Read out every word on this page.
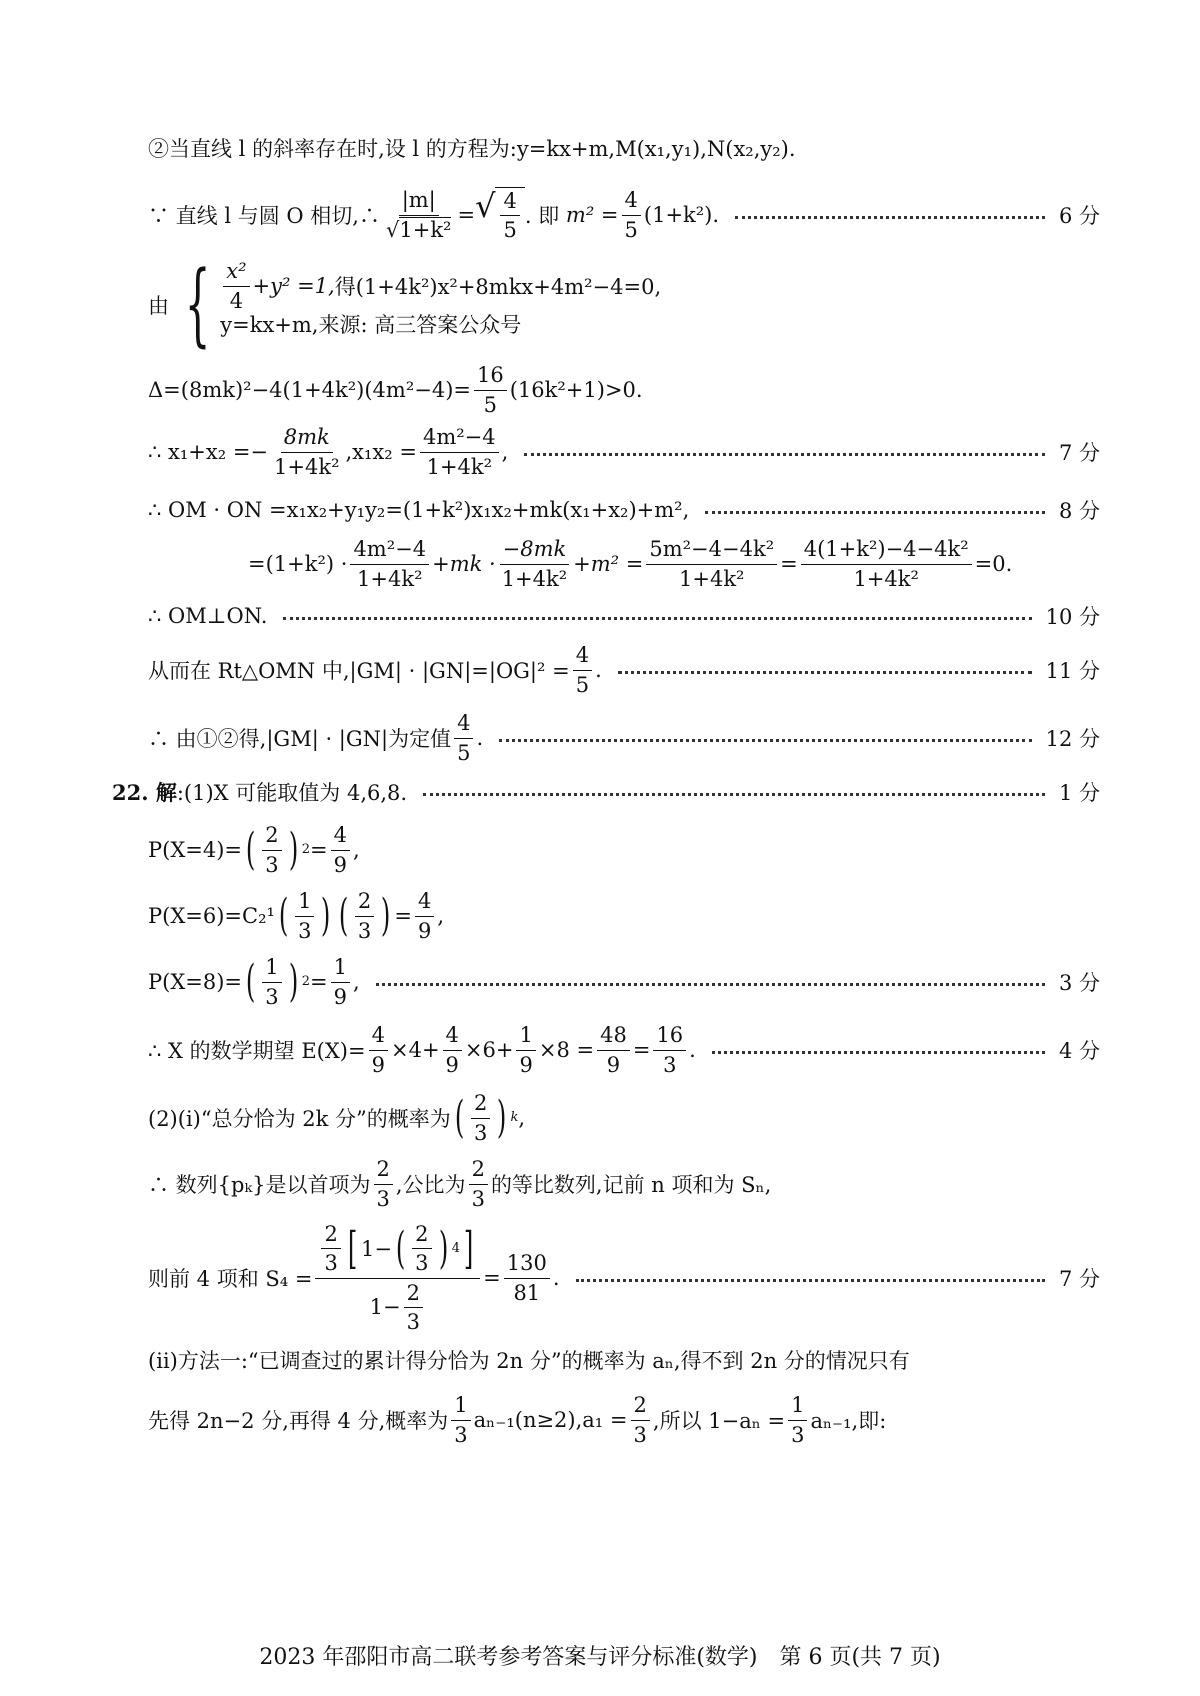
②当直线 l 的斜率存在时,设 l 的方程为:y=kx+m,M(x₁,y₁),N(x₂,y₂).
∵ 直线 l 与圆 O 相切,∴ $\frac{|m|}{\text{√1+k²}}$ = √ $\frac{4}{5}$ . 即
$m^2 = \frac{4}{5} (1+k^2)$.	6 分
由 { $\frac{\text{x²}}{4} +y^2 =1$, 得(1+4k²)x²+8mkx+4m²−4=0,
y=kx+m,来源: 高三答案公众号
$\Delta=(8mk)^2-4(1+4k^2)(4m^2-4)= \frac{16}{5} (16k^2+1)>0$.
∴ $x_1+x_2 =- \frac{8mk}{\text{1+4k²}} ,x_1x_2 = \frac{\text{4m²−4}}{\text{1+4k²}}$ ,	7 分
∴ OM · ON =x₁x₂+y₁y₂=(1+k²)x₁x₂+mk(x₁+x₂)+m²,	8 分
$=(1+k^2) \cdot \frac{\text{4m²−4}}{\text{1+4k²}} +mk \cdot \frac{-8mk}{\text{1+4k²}} +m^2 = \frac{\text{5m²−4−4k²}}{\text{1+4k²}} = \frac{\text{4(1+k²)−4−4k²}}{\text{1+4k²}} =0$.
∴ OM⊥ON.	10 分
从而在 Rt△OMN 中$,|GM| \cdot |GN|=|OG|^2 = \frac{4}{5}$ .	11 分
∴ 由①②得,|GM| · |GN|为定值 $\frac{4}{5}$ .	12 分
22. 解 :(1)X 可能取值为 4,6,8.	1 分
P(X=4)= ( $\frac{2}{3}$ ) $2 = \frac{4}{9}$ ,
P(X=6)=C₂¹ ( $\frac{1}{3}$ ) ( $\frac{2}{3}$ ) = $\frac{4}{9}$ ,
P(X=8)= ( $\frac{1}{3}$ ) $2 = \frac{1}{9}$ ,	3 分
∴ X 的数学期望 $E(X)= \frac{4}{9} \times 4+ \frac{4}{9} \times 6+ \frac{1}{9} \times 8 = \frac{48}{9} = \frac{16}{3}$ .	4 分
(2)(ⅰ)“总分恰为 2k 分”的概率为 ( $\frac{2}{3}$ ) k ,
∴ 数列{pₖ}是以首项为 $\frac{2}{3}$ ,公比为 $\frac{2}{3}$ 的等比数列,记前 n 项和为 Sₙ,
则前 4 项和 $S_4 = \frac{\frac{2}{3} [ 1- ( \frac{2}{3} ) 4 ]}{1- \frac{2}{3}} = \frac{130}{81}$ .	7 分
(ⅱ)方法一:“已调查过的累计得分恰为 2n 分”的概率为 aₙ,得不到 2n 分的情况只有
先得 2n−2 分,再得 4 分,概率为 $\frac{1}{3} a_{n-1}(n\ge 2),a_1 = \frac{2}{3}$ ,所以 $1-a_n = \frac{1}{3} a_{n-1}$,即:
2023 年邵阳市高二联考参考答案与评分标准(数学)　第 6 页(共 7 页)
